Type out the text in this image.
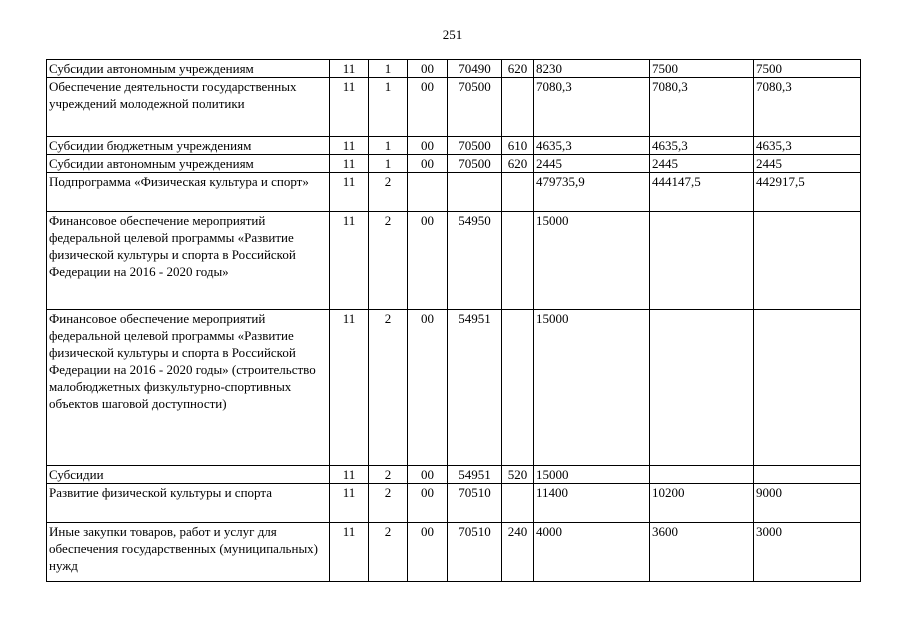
251
Субсидии автономным учреждениям	11	1	00	70490	620	8230	7500	7500
Обеспечение деятельности государственных учреждений молодежной политики	11	1	00	70500		7080,3	7080,3	7080,3
Субсидии бюджетным учреждениям	11	1	00	70500	610	4635,3	4635,3	4635,3
Субсидии автономным учреждениям	11	1	00	70500	620	2445	2445	2445
Подпрограмма «Физическая культура и спорт»	11	2				479735,9	444147,5	442917,5
Финансовое обеспечение мероприятий федеральной целевой программы «Развитие физической культуры и спорта в Российской Федерации на 2016 - 2020 годы»	11	2	00	54950		15000		
Финансовое обеспечение мероприятий федеральной целевой программы «Развитие физической культуры и спорта в Российской Федерации на 2016 - 2020 годы» (строительство малобюджетных физкультурно-спортивных объектов шаговой доступности)	11	2	00	54951		15000		
Субсидии	11	2	00	54951	520	15000		
Развитие физической культуры и спорта	11	2	00	70510		11400	10200	9000
Иные закупки товаров, работ и услуг для обеспечения государственных (муниципальных) нужд	11	2	00	70510	240	4000	3600	3000
